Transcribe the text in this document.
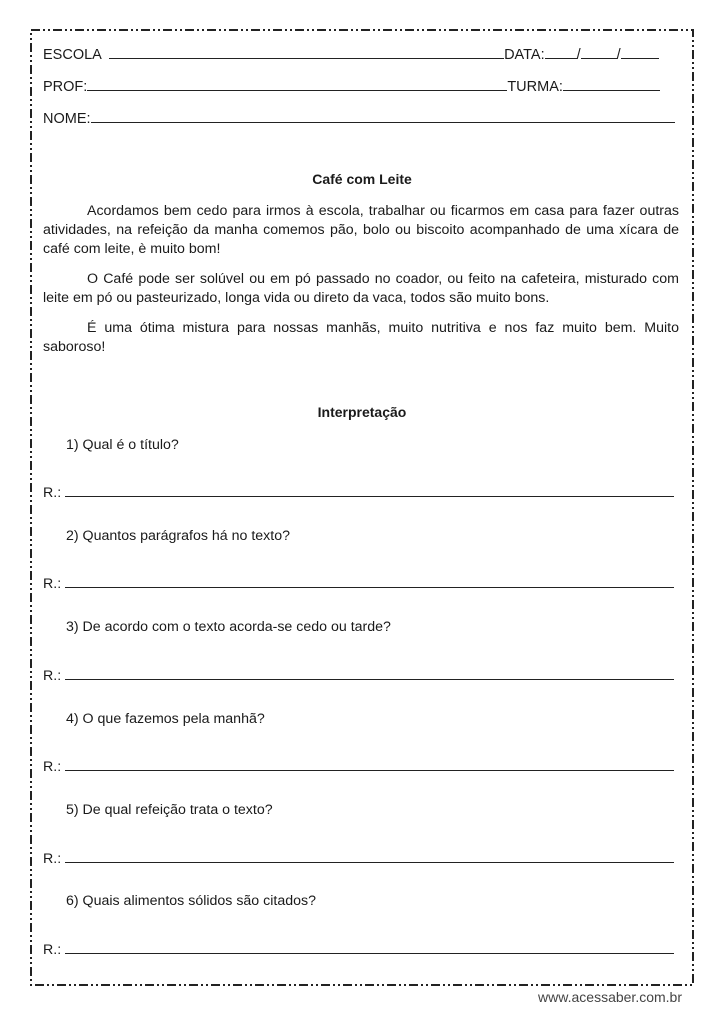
ESCOLA	DATA: / /
PROF:	TURMA:
NOME:
Café com Leite

Acordamos bem cedo para irmos à escola, trabalhar ou ficarmos em casa para fazer outras atividades, na refeição da manha comemos pão, bolo ou biscoito acompanhado de uma xícara de café com leite, è muito bom!

O Café pode ser solúvel ou em pó passado no coador, ou feito na cafeteira, misturado com leite em pó ou pasteurizado, longa vida ou direto da vaca, todos são muito bons.

É uma ótima mistura para nossas manhãs, muito nutritiva e nos faz muito bem. Muito saboroso!

Interpretação
1) Qual é o título?
R.:
2) Quantos parágrafos há no texto?
R.:
3) De acordo com o texto acorda-se cedo ou tarde?
R.:
4) O que fazemos pela manhã?
R.:
5) De qual refeição trata o texto?
R.:
6) Quais alimentos sólidos são citados?
R.:
www.acessaber.com.br
